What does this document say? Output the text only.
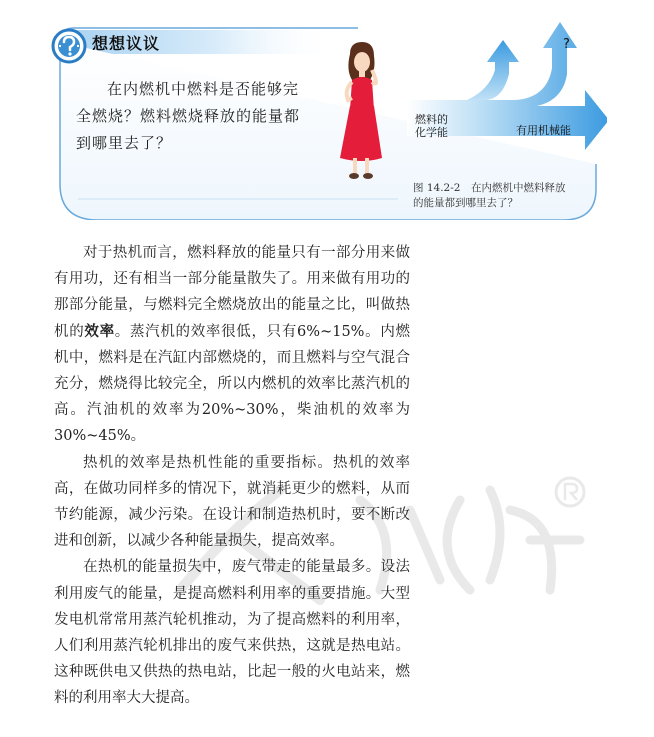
想想议议
在内燃机中燃料是否能够完全燃烧？燃料燃烧释放的能量都到哪里去了？
燃料的
化学能	有用机械能
?
图 14.2-2　在内燃机中燃料释放的能量都到哪里去了？

对于热机而言，燃料释放的能量只有一部分用来做有用功，还有相当一部分能量散失了。用来做有用功的那部分能量，与燃料完全燃烧放出的能量之比，叫做热机的效率。蒸汽机的效率很低，只有6%~15%。内燃机中，燃料是在汽缸内部燃烧的，而且燃料与空气混合充分，燃烧得比较完全，所以内燃机的效率比蒸汽机的高。汽油机的效率为20%~30%，柴油机的效率为30%~45%。

热机的效率是热机性能的重要指标。热机的效率高，在做功同样多的情况下，就消耗更少的燃料，从而节约能源，减少污染。在设计和制造热机时，要不断改进和创新，以减少各种能量损失，提高效率。

在热机的能量损失中，废气带走的能量最多。设法利用废气的能量，是提高燃料利用率的重要措施。大型发电机常常用蒸汽轮机推动，为了提高燃料的利用率，人们利用蒸汽轮机排出的废气来供热，这就是热电站。这种既供电又供热的热电站，比起一般的火电站来，燃料的利用率大大提高。
